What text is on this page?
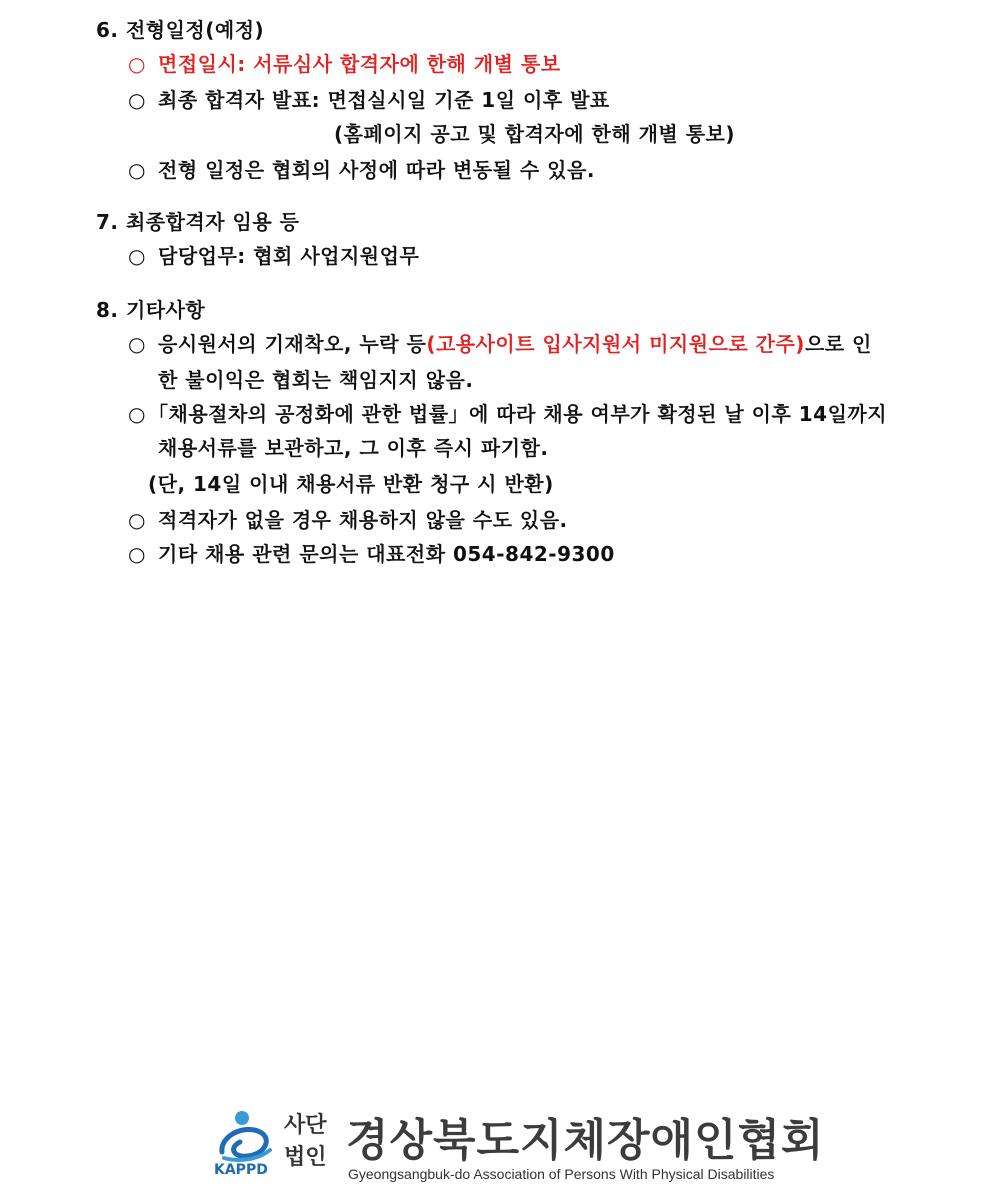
6. 전형일정(예정)
○ 면접일시: 서류심사 합격자에 한해 개별 통보
○ 최종 합격자 발표: 면접실시일 기준 1일 이후 발표
(홈페이지 공고 및 합격자에 한해 개별 통보)
○ 전형 일정은 협회의 사정에 따라 변동될 수 있음.
7. 최종합격자 임용 등
○ 담당업무: 협회 사업지원업무
8. 기타사항
○ 응시원서의 기재착오, 누락 등(고용사이트 입사지원서 미지원으로 간주)으로 인
한 불이익은 협회는 책임지지 않음.
○ 「채용절차의 공정화에 관한 법률」에 따라 채용 여부가 확정된 날 이후 14일까지
채용서류를 보관하고, 그 이후 즉시 파기함.
(단, 14일 이내 채용서류 반환 청구 시 반환)
○ 적격자가 없을 경우 채용하지 않을 수도 있음.
○ 기타 채용 관련 문의는 대표전화 054-842-9300
KAPPD
사단
법인 경상북도지체장애인협회
Gyeongsangbuk-do Association of Persons With Physical Disabilities
